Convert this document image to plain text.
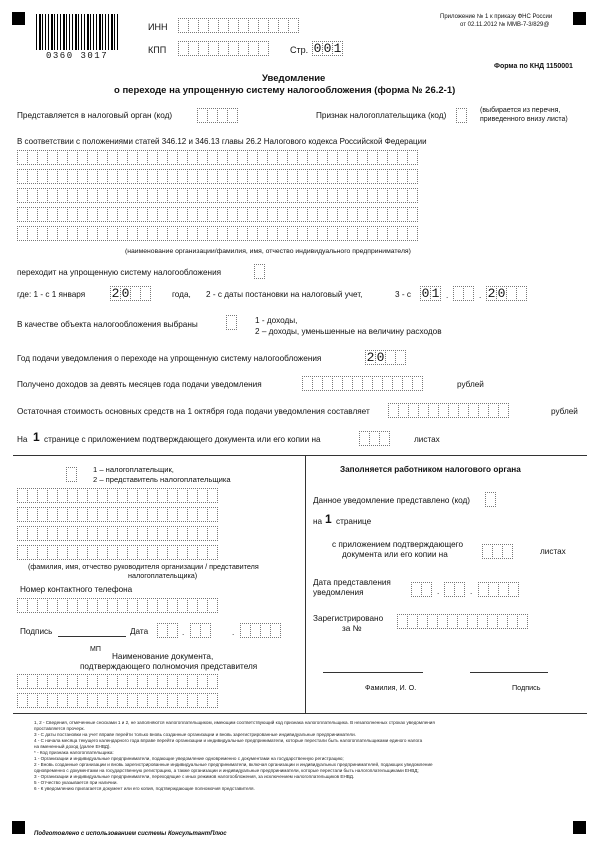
0360 3017
ИНН
КПП	Стр. 0 0 1
Приложение № 1 к приказу ФНС России
от 02.11.2012 № ММВ-7-3/829@
Форма по КНД 1150001
Уведомление
о переходе на упрощенную систему налогообложения (форма № 26.2-1)
Представляется в налоговый орган (код)	Признак налогоплательщика (код)
(выбирается из перечня,
приведенного внизу листа)
В соответствии с положениями статей 346.12 и 346.13 главы 26.2 Налогового кодекса Российской Федерации
(наименование организации/фамилия, имя, отчество индивидуального предпринимателя)
переходит на упрощенную систему налогообложения
где: 1 - с 1 января 2 0	года, 2 - с даты постановки на налоговый учет,	3 - с 0 1 .	. 2 0
В качестве объекта налогообложения выбраны	1 - доходы,
2 – доходы, уменьшенные на величину расходов
Год подачи уведомления о переходе на упрощенную систему налогообложения	2 0
Получено доходов за девять месяцев года подачи уведомления	рублей
Остаточная стоимость основных средств на 1 октября года подачи уведомления составляет	рублей
На 1 странице с приложением подтверждающего документа или его копии на	листах
1 – налогоплательщик,
2 – представитель налогоплательщика
(фамилия, имя, отчество руководителя организации / представителя
налогоплательщика)
Номер контактного телефона
Подпись	Дата	.	.
МП
Наименование документа,
подтверждающего полномочия представителя
Заполняется работником налогового органа
Данное уведомление представлено (код)
на 1 странице
с приложением подтверждающего
документа или его копии на	листах
Дата представления
уведомления	.	.
Зарегистрировано
за №
Фамилия, И. О.	Подпись
1, 2 - Сведения, отмеченные сносками 1 и 2, не заполняются налогоплательщиком, имеющим соответствующий код признака налогоплательщика. В незаполненных строках уведомления
проставляется прочерк.
3 - С даты постановки на учет вправе перейти только вновь созданные организации и вновь зарегистрированные индивидуальные предприниматели.
4 - С начала месяца текущего календарного года вправе перейти организации и индивидуальные предприниматели, которые перестали быть налогоплательщиками единого налога
на вмененный доход (далее ЕНВД).
* - Код признака налогоплательщика:
1 - Организации и индивидуальные предприниматели, подающие уведомление одновременно с документами на государственную регистрацию;
2 - Вновь созданные организации и вновь зарегистрированные индивидуальные предприниматели, включая организации и индивидуальных предпринимателей, подающих уведомление
одновременно с документами на государственную регистрацию, а также организации и индивидуальные предприниматели, которые перестали быть налогоплательщиками ЕНВД;
3 - Организации и индивидуальные предприниматели, переходящие с иных режимов налогообложения, за исключением налогоплательщиков ЕНВД.
5 - Отчество указывается при наличии.
6 - К уведомлению прилагается документ или его копия, подтверждающие полномочия представителя.
Подготовлено с использованием системы КонсультантПлюс
